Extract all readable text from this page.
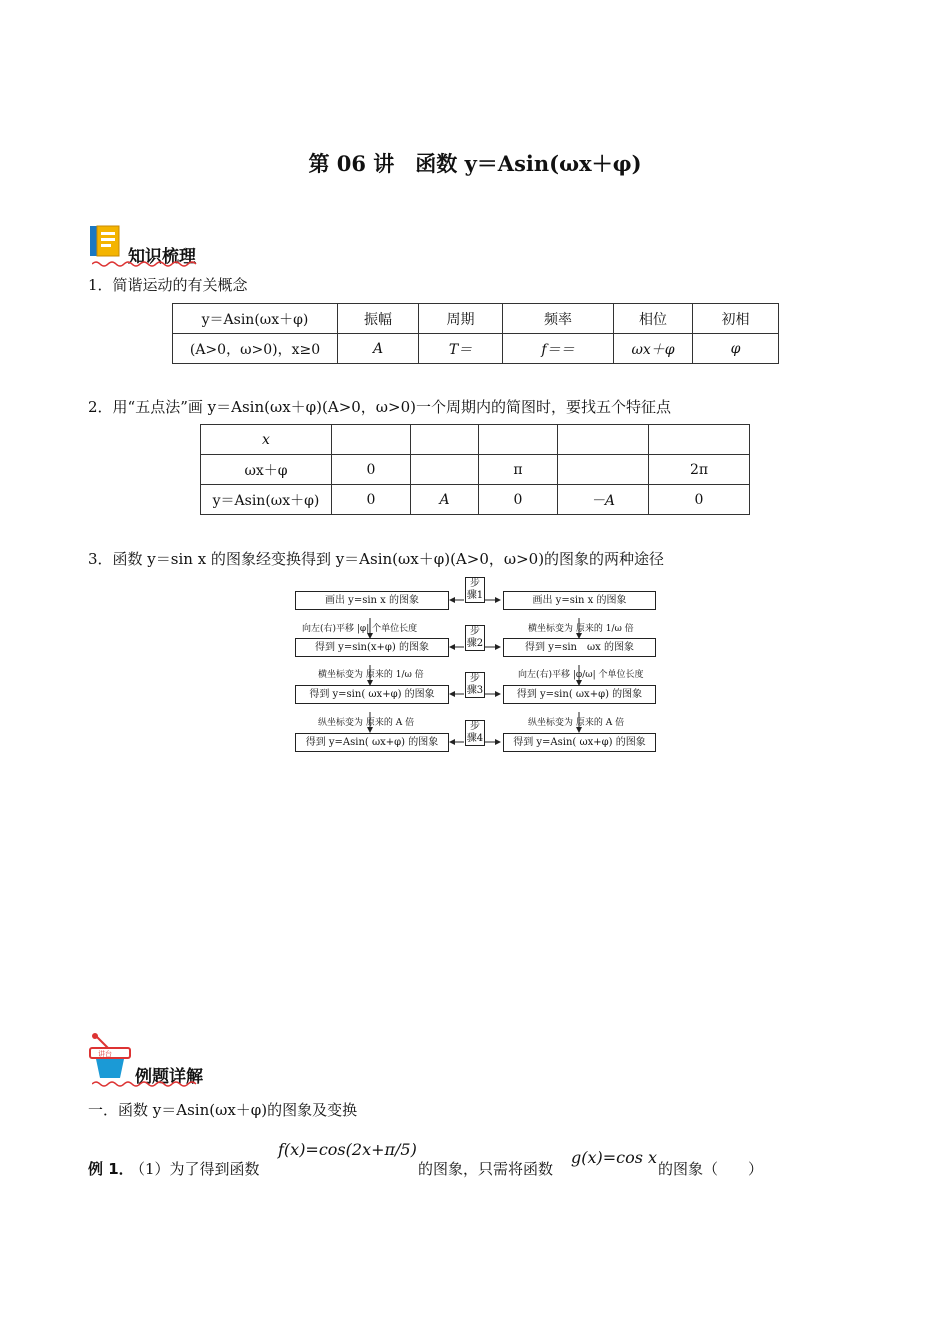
第 06 讲　函数 y＝Asin(ωx＋φ)
知识梳理
1．简谐运动的有关概念
y＝Asin(ωx＋φ)	振幅	周期	频率	相位	初相
(A>0，ω>0)，x≥0	A	T＝	f＝＝	ωx＋φ	φ
2．用“五点法”画 y＝Asin(ωx＋φ)(A>0，ω>0)一个周期内的简图时，要找五个特征点
x					
ωx＋φ	0		π		2π
y＝Asin(ωx＋φ)	0	A	0	－A	0
3．函数 y＝sin x 的图象经变换得到 y＝Asin(ωx＋φ)(A>0，ω>0)的图象的两种途径
画出 y=sin x 的图象
得到 y=sin(x+φ) 的图象
得到 y=sin( ωx+φ) 的图象
得到 y=Asin( ωx+φ) 的图象
画出 y=sin x 的图象
得到 y=sin　ωx 的图象
得到 y=sin( ωx+φ) 的图象
得到 y=Asin( ωx+φ) 的图象
步骤1
步骤2
步骤3
步骤4
向左(右)平移 |φ| 个单位长度
横坐标变为 原来的 1/ω 倍
纵坐标变为 原来的 A 倍
横坐标变为 原来的 1/ω 倍
向左(右)平移 |φ/ω| 个单位长度
纵坐标变为 原来的 A 倍
讲台
例题详解
一．函数 y＝Asin(ωx＋φ)的图象及变换
例 1．
（1）为了得到函数
f(x)=cos(2x+π/5)
的图象，只需将函数
g(x)=cos x
的图象（　　）
